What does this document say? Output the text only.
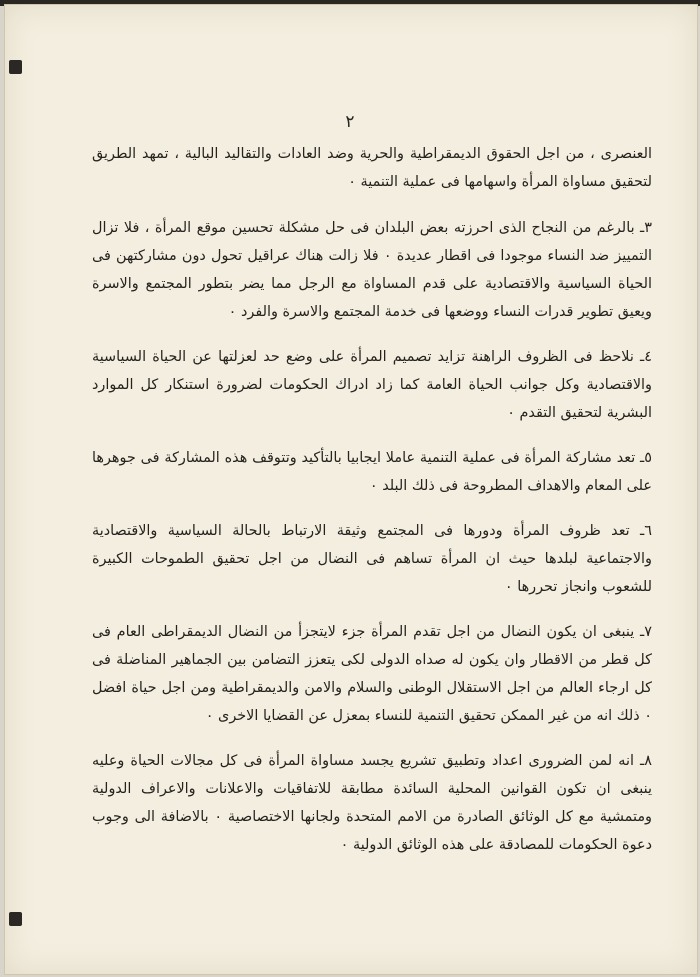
٢

العنصرى ، من اجل الحقوق الديمقراطية والحرية وضد العادات والتقاليد البالية ، تمهد الطريق لتحقيق مساواة المرأة واسهامها فى عملية التنمية ٠

٣ـ بالرغم من النجاح الذى احرزته بعض البلدان فى حل مشكلة تحسين موقع المرأة ، فلا تزال التمييز ضد النساء موجودا فى اقطار عديدة ٠ فلا زالت هناك عراقيل تحول دون مشاركتهن فى الحياة السياسية والاقتصادية على قدم المساواة مع الرجل مما يضر بتطور المجتمع والاسرة ويعيق تطوير قدرات النساء ووضعها فى خدمة المجتمع والاسرة والفرد ٠

٤ـ نلاحظ فى الظروف الراهنة تزايد تصميم المرأة على وضع حد لعزلتها عن الحياة السياسية والاقتصادية وكل جوانب الحياة العامة كما زاد ادراك الحكومات لضرورة استنكار كل الموارد البشرية لتحقيق التقدم ٠

٥ـ تعد مشاركة المرأة فى عملية التنمية عاملا ايجابيا بالتأكيد وتتوقف هذه المشاركة فى جوهرها على المعام والاهداف المطروحة فى ذلك البلد ٠

٦ـ تعد ظروف المرأة ودورها فى المجتمع وثيقة الارتباط بالحالة السياسية والاقتصادية والاجتماعية لبلدها حيث ان المرأة تساهم فى النضال من اجل تحقيق الطموحات الكبيرة للشعوب وانجاز تحررها ٠

٧ـ ينبغى ان يكون النضال من اجل تقدم المرأة جزء لايتجزأ من النضال الديمقراطى العام فى كل قطر من الاقطار وان يكون له صداه الدولى لكى يتعزز التضامن بين الجماهير المناضلة فى كل ارجاء العالم من اجل الاستقلال الوطنى والسلام والامن والديمقراطية ومن اجل حياة افضل ٠ ذلك انه من غير الممكن تحقيق التنمية للنساء بمعزل عن القضايا الاخرى ٠

٨ـ انه لمن الضرورى اعداد وتطبيق تشريع يجسد مساواة المرأة فى كل مجالات الحياة وعليه ينبغى ان تكون القوانين المحلية السائدة مطابقة للاتفاقيات والاعلانات والاعراف الدولية ومتمشية مع كل الوثائق الصادرة من الامم المتحدة ولجانها الاختصاصية ٠ بالاضافة الى وجوب دعوة الحكومات للمصادقة على هذه الوثائق الدولية ٠
